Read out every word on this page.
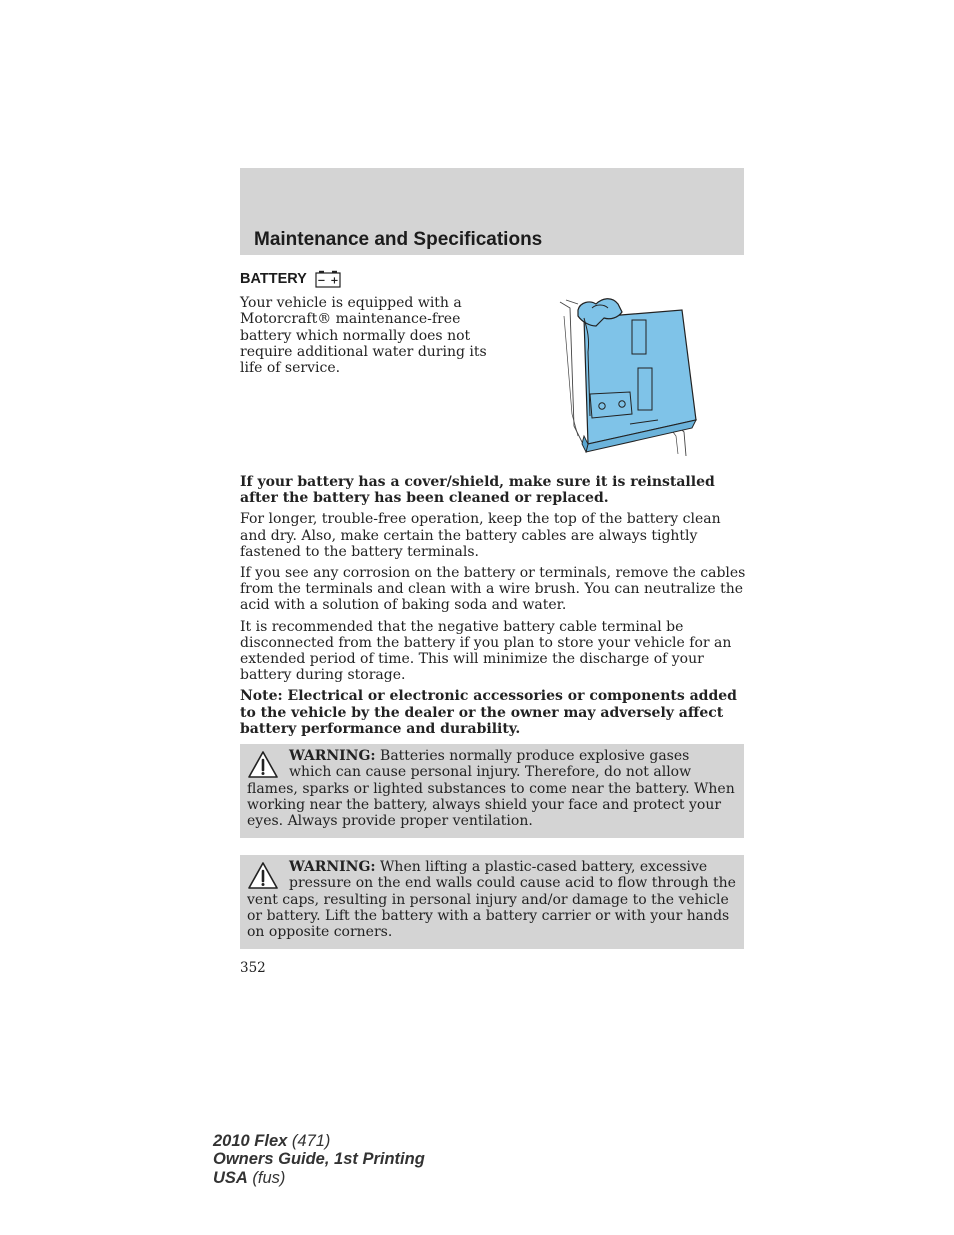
Maintenance and Specifications
BATTERY − +

Your vehicle is equipped with a Motorcraft® maintenance-free battery which normally does not require additional water during its life of service.

If your battery has a cover/shield, make sure it is reinstalled after the battery has been cleaned or replaced.

For longer, trouble-free operation, keep the top of the battery clean and dry. Also, make certain the battery cables are always tightly fastened to the battery terminals.

If you see any corrosion on the battery or terminals, remove the cables from the terminals and clean with a wire brush. You can neutralize the acid with a solution of baking soda and water.

It is recommended that the negative battery cable terminal be disconnected from the battery if you plan to store your vehicle for an extended period of time. This will minimize the discharge of your battery during storage.

Note: Electrical or electronic accessories or components added to the vehicle by the dealer or the owner may adversely affect battery performance and durability.

WARNING: Batteries normally produce explosive gases which can cause personal injury. Therefore, do not allow flames, sparks or lighted substances to come near the battery. When working near the battery, always shield your face and protect your eyes. Always provide proper ventilation.
WARNING: When lifting a plastic-cased battery, excessive pressure on the end walls could cause acid to flow through the vent caps, resulting in personal injury and/or damage to the vehicle or battery. Lift the battery with a battery carrier or with your hands on opposite corners.

352

2010 Flex (471)
Owners Guide, 1st Printing
USA (fus)
